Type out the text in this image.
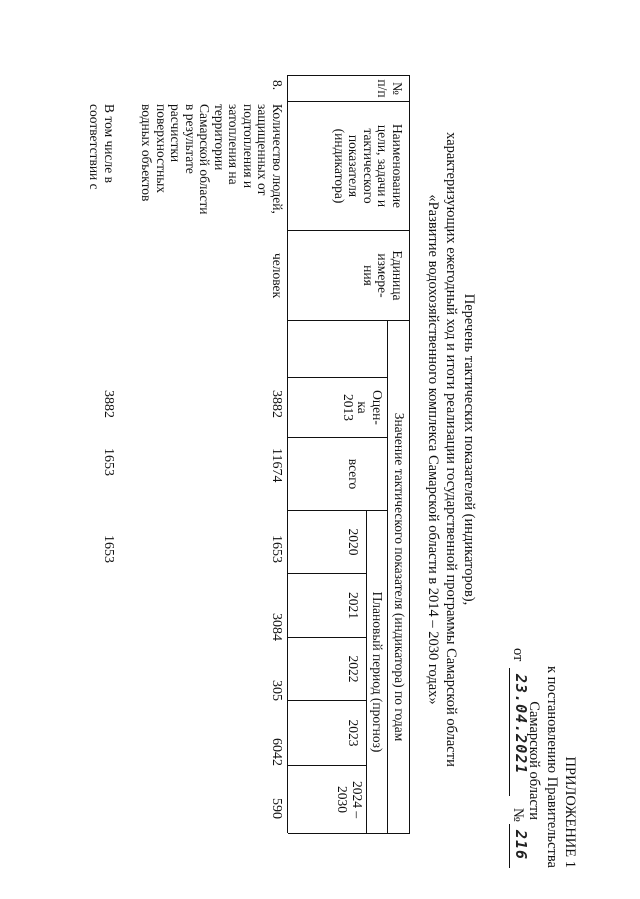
ПРИЛОЖЕНИЕ 1
к постановлению Правительства
Самарской области
от
23.04.2021
№
216
Перечень тактических показателей (индикаторов),
характеризующих ежегодный ход и итоги реализации государственной программы Самарской области
«Развитие водохозяйственного комплекса Самарской области в 2014 – 2030 годах»
№
п/п
Наименование
цели, задачи и
тактического
показателя
(индикатора)
Единица
измере-
ния
Значение тактического показателя (индикатора) по годам
Оцен-
ка
2013
всего
Плановый период (прогноз)
2020
2021
2022
2023
2024 –
2030
8.
Количество людей,
защищенных от
подтопления и
затопления на
территории
Самарской области
в результате
расчистки
поверхностных
водных объектов
человек
3882
11674
1653
3084
305
6042
590
В том числе в
соответствии с
3882
1653
1653
